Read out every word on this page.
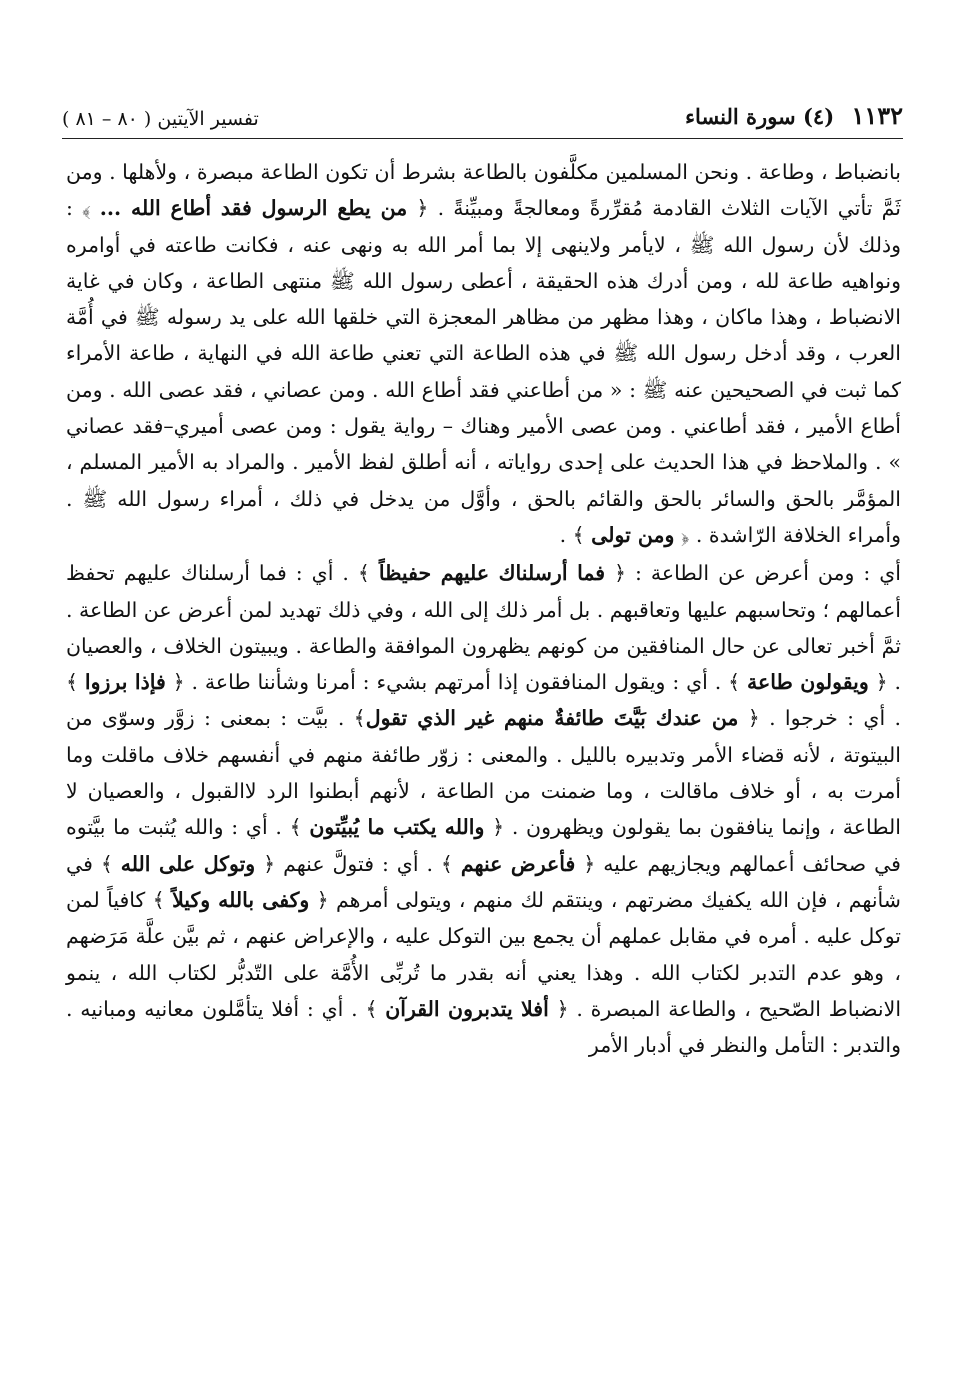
١١٣٢ (٤) سورة النساء
تفسير الآيتين ( ٨٠ – ٨١ )

بانضباط ، وطاعة . ونحن المسلمين مكلَّفون بالطاعة بشرط أن تكون الطاعة مبصرة ، ولأهلها . ومن ثَمَّ تأتي الآيات الثلاث القادمة مُقرِّرةً ومعالجةً ومبيِّنةً . ﴿ من يطع الرسول فقد أطاع الله ... ﴾ : وذلك لأن رسول الله ﷺ ، لايأمر ولاينهى إلا بما أمر الله به ونهى عنه ، فكانت طاعته في أوامره ونواهيه طاعة لله ، ومن أدرك هذه الحقيقة ، أعطى رسول الله ﷺ منتهى الطاعة ، وكان في غاية الانضباط ، وهذا ماكان ، وهذا مظهر من مظاهر المعجزة التي خلقها الله على يد رسوله ﷺ في أُمَّة العرب ، وقد أدخل رسول الله ﷺ في هذه الطاعة التي تعني طاعة الله في النهاية ، طاعة الأمراء كما ثبت في الصحيحين عنه ﷺ : « من أطاعني فقد أطاع الله . ومن عصاني ، فقد عصى الله . ومن أطاع الأمير ، فقد أطاعني . ومن عصى الأمير وهناك – رواية يقول : ومن عصى أميري–فقد عصاني » . والملاحظ في هذا الحديث على إحدى رواياته ، أنه أطلق لفظ الأمير . والمراد به الأمير المسلم ، المؤمَّر بالحق والسائر بالحق والقائم بالحق ، وأوَّل من يدخل في ذلك ، أمراء رسول الله ﷺ . وأمراء الخلافة الرّاشدة . ﴿ ومن تولى ﴾ .

أي : ومن أعرض عن الطاعة : ﴿ فما أرسلناك عليهم حفيظاً ﴾ . أي : فما أرسلناك عليهم تحفظ أعمالهم ؛ وتحاسبهم عليها وتعاقبهم . بل أمر ذلك إلى الله ، وفي ذلك تهديد لمن أعرض عن الطاعة . ثمَّ أخبر تعالى عن حال المنافقين من كونهم يظهرون الموافقة والطاعة . ويبيتون الخلاف ، والعصيان . ﴿ ويقولون طاعة ﴾ . أي : ويقول المنافقون إذا أمرتهم بشيء : أمرنا وشأننا طاعة . ﴿ فإذا برزوا ﴾ . أي : خرجوا . ﴿ من عندك بَيَّتَ طائفةٌ منهم غير الذي تقول﴾ . بيَّت : بمعنى : زوَّر وسوّى من البيتوتة ، لأنه قضاء الأمر وتدبيره بالليل . والمعنى : زوّر طائفة منهم في أنفسهم خلاف ماقلت وما أمرت به ، أو خلاف ماقالت ، وما ضمنت من الطاعة ، لأنهم أبطنوا الرد لاالقبول ، والعصيان لا الطاعة ، وإنما ينافقون بما يقولون ويظهرون . ﴿ والله يكتب ما يُبيِّتون ﴾ . أي : والله يُثبت ما بيَّتوه في صحائف أعمالهم ويجازيهم عليه ﴿ فأعرض عنهم ﴾ . أي : فتولَّ عنهم ﴿ وتوكل على الله ﴾ في شأنهم ، فإن الله يكفيك مضرتهم ، وينتقم لك منهم ، ويتولى أمرهم ﴿ وكفى بالله وكيلاً ﴾ كافياً لمن توكل عليه . أمره في مقابل عملهم أن يجمع بين التوكل عليه ، والإعراض عنهم ، ثم بيَّن علَّة مَرَضهم ، وهو عدم التدبر لكتاب الله . وهذا يعني أنه بقدر ما تُربِّى الأُمَّة على التّدبُّر لكتاب الله ، ينمو الانضباط الصّحيح ، والطاعة المبصرة . ﴿ أفلا يتدبرون القرآن ﴾ . أي : أفلا يتأمَّلون معانيه ومبانيه . والتدبر : التأمل والنظر في أدبار الأمر
